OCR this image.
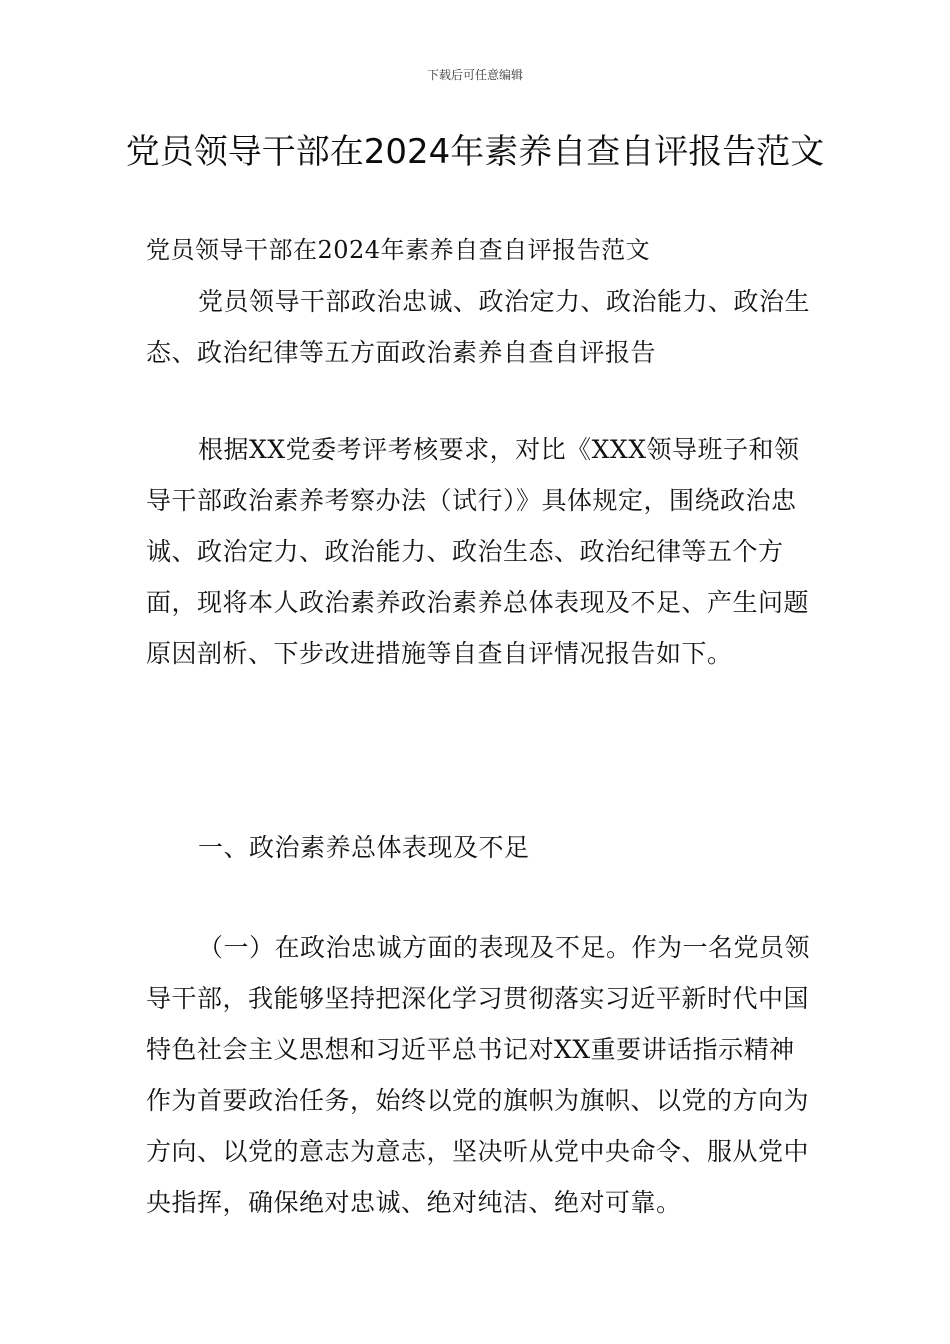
下载后可任意编辑
党员领导干部在2024年素养自查自评报告范文
党员领导干部在2024年素养自查自评报告范文
党员领导干部政治忠诚、政治定力、政治能力、政治生态、政治纪律等五方面政治素养自查自评报告
根据XX党委考评考核要求，对比《XXX领导班子和领导干部政治素养考察办法（试行）》具体规定，围绕政治忠诚、政治定力、政治能力、政治生态、政治纪律等五个方面，现将本人政治素养政治素养总体表现及不足、产生问题原因剖析、下步改进措施等自查自评情况报告如下。
一、政治素养总体表现及不足
（一）在政治忠诚方面的表现及不足。作为一名党员领导干部，我能够坚持把深化学习贯彻落实习近平新时代中国特色社会主义思想和习近平总书记对XX重要讲话指示精神作为首要政治任务，始终以党的旗帜为旗帜、以党的方向为方向、以党的意志为意志，坚决听从党中央命令、服从党中央指挥，确保绝对忠诚、绝对纯洁、绝对可靠。
